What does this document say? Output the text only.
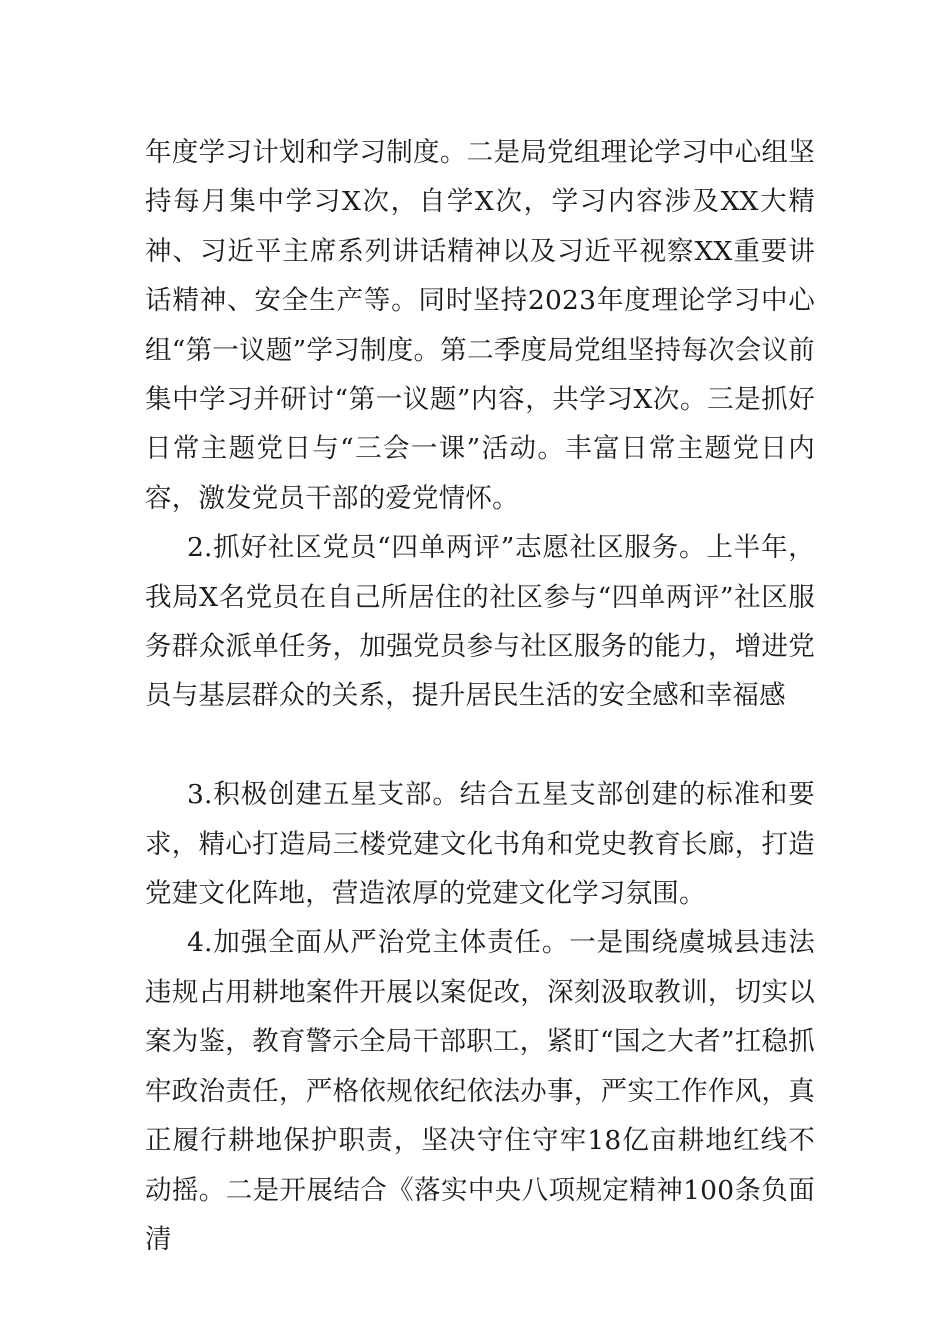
年度学习计划和学习制度。二是局党组理论学习中心组坚持每月集中学习X次，自学X次，学习内容涉及XX大精神、习近平主席系列讲话精神以及习近平视察XX重要讲话精神、安全生产等。同时坚持2023年度理论学习中心组“第一议题”学习制度。第二季度局党组坚持每次会议前集中学习并研讨“第一议题”内容，共学习X次。三是抓好日常主题党日与“三会一课”活动。丰富日常主题党日内容，激发党员干部的爱党情怀。

2.抓好社区党员“四单两评”志愿社区服务。上半年，我局X名党员在自己所居住的社区参与“四单两评”社区服务群众派单任务，加强党员参与社区服务的能力，增进党员与基层群众的关系，提升居民生活的安全感和幸福感

3.积极创建五星支部。结合五星支部创建的标准和要求，精心打造局三楼党建文化书角和党史教育长廊，打造党建文化阵地，营造浓厚的党建文化学习氛围。

4.加强全面从严治党主体责任。一是围绕虞城县违法违规占用耕地案件开展以案促改，深刻汲取教训，切实以案为鉴，教育警示全局干部职工，紧盯“国之大者”扛稳抓牢政治责任，严格依规依纪依法办事，严实工作作风，真正履行耕地保护职责，坚决守住守牢18亿亩耕地红线不动摇。二是开展结合《落实中央八项规定精神100条负面清
